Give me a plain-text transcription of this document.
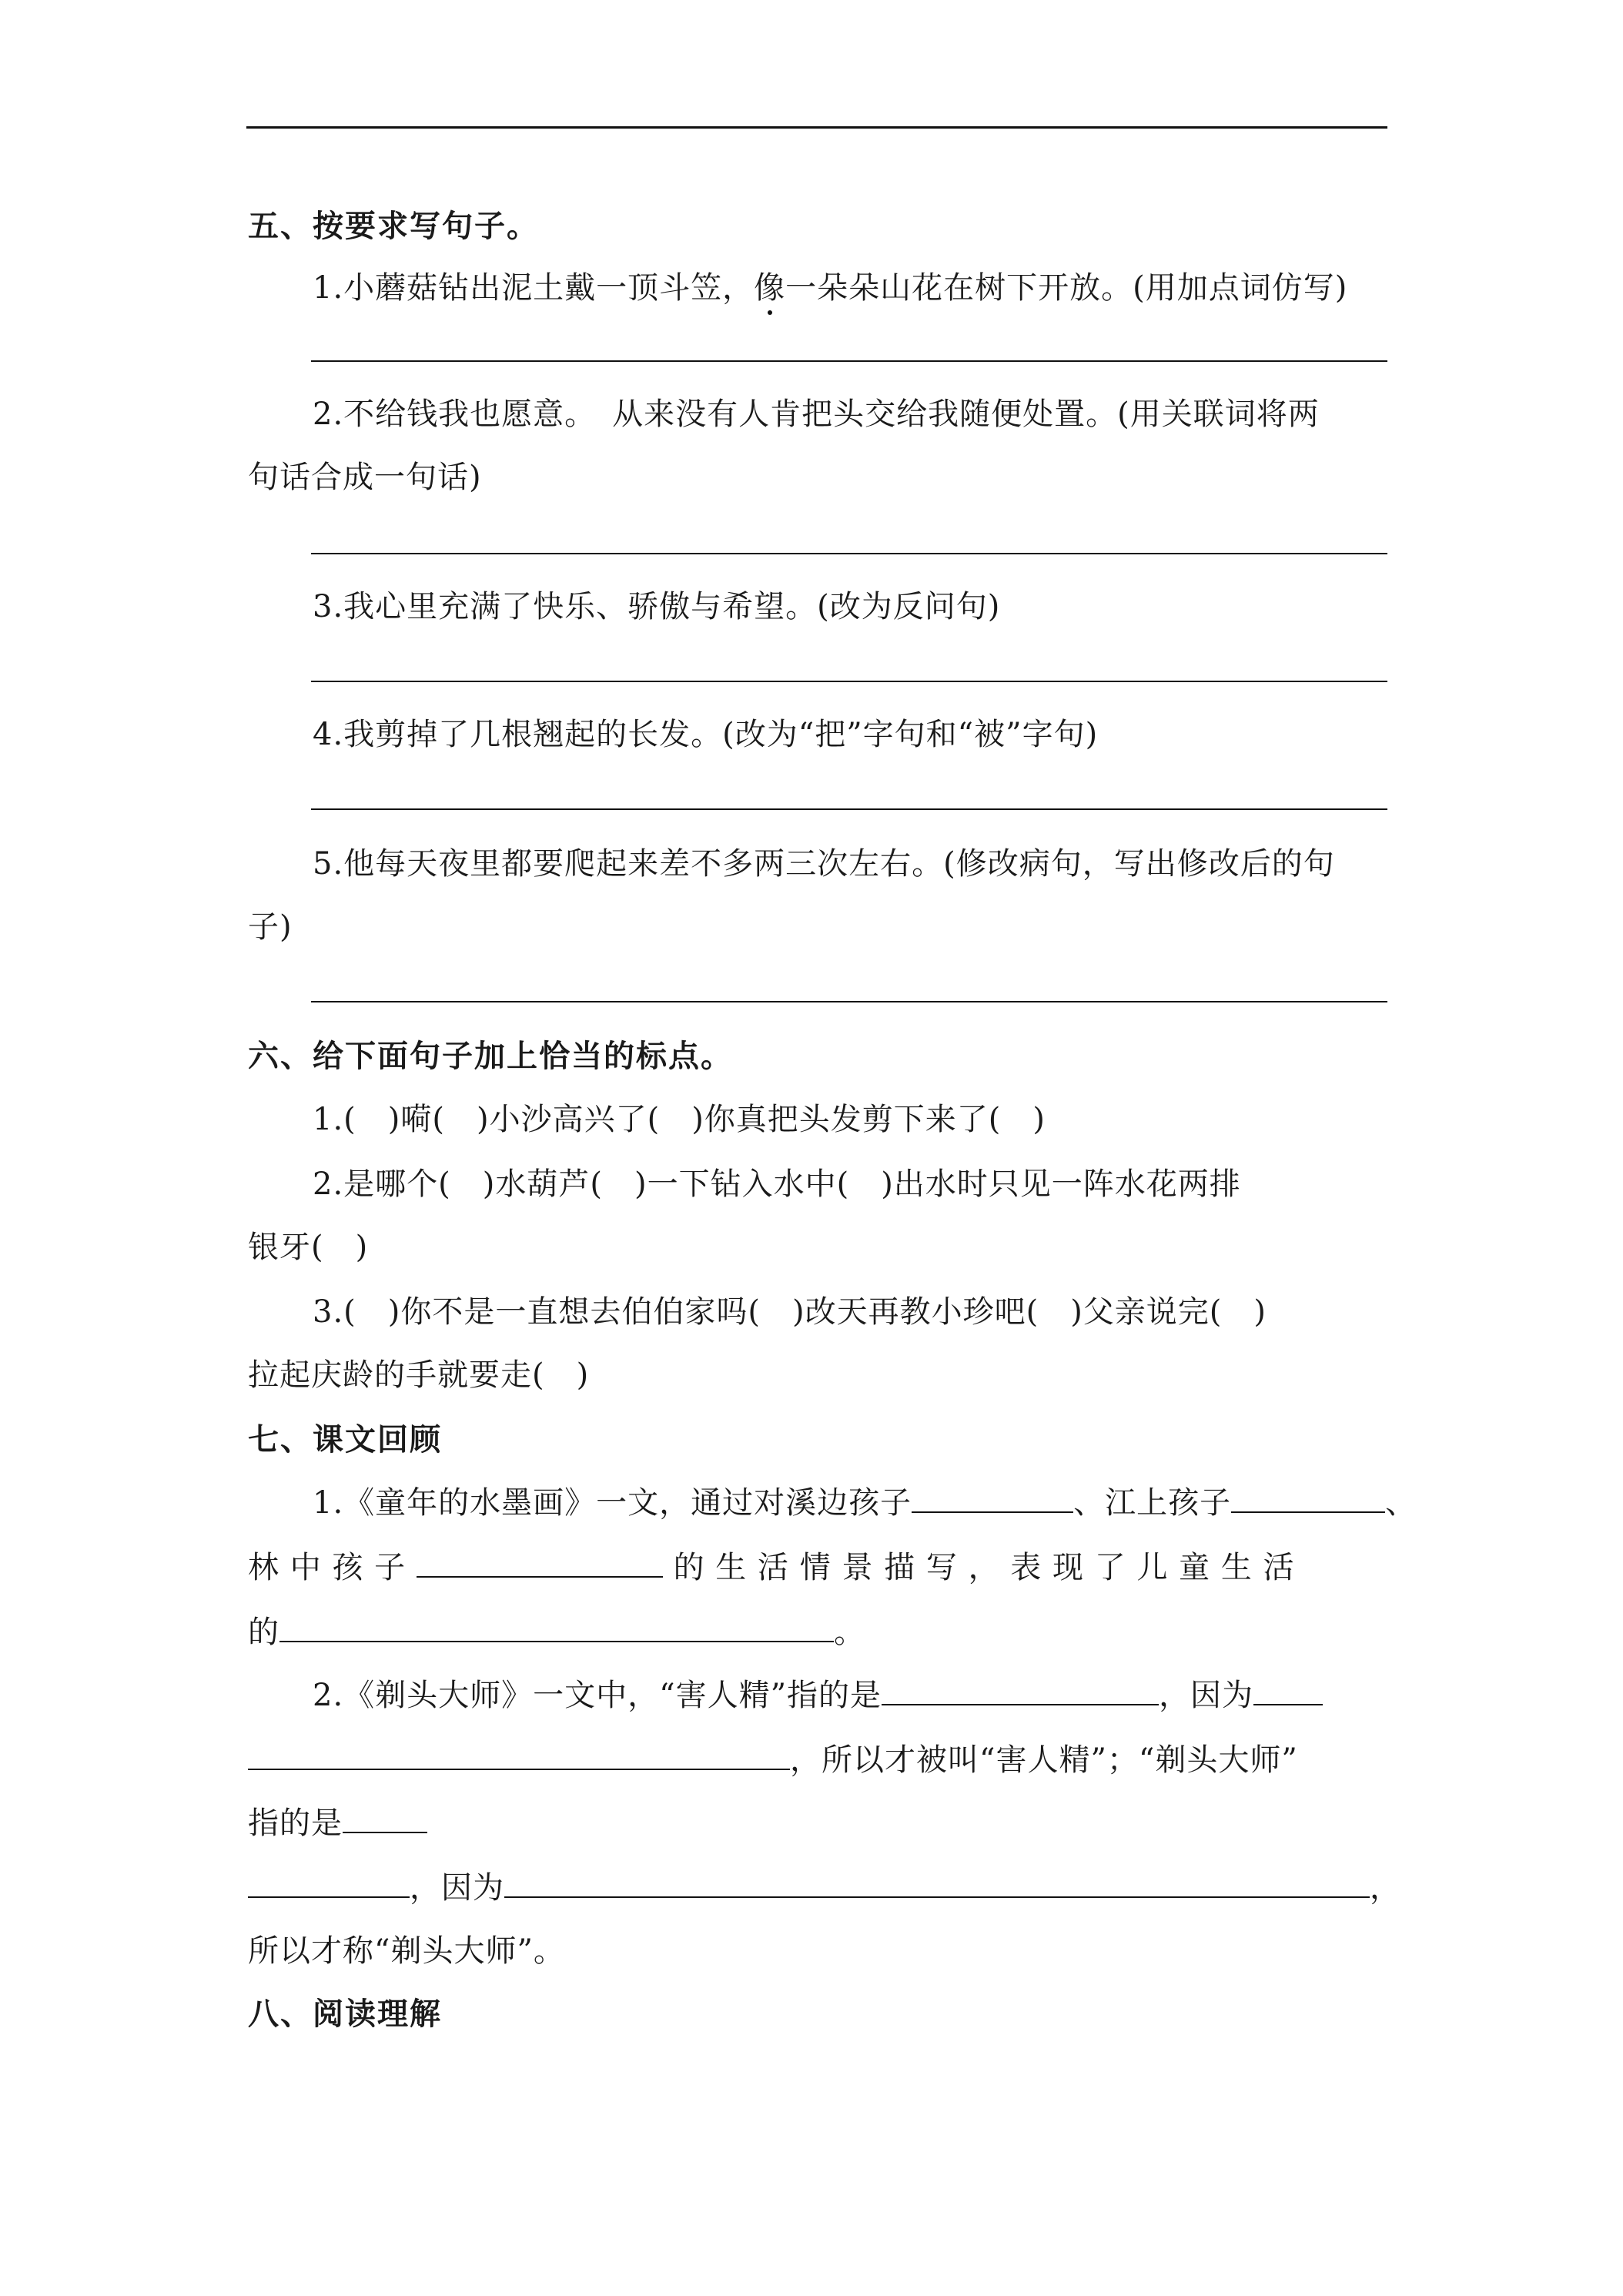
五、按要求写句子。
1.小蘑菇钻出泥土戴一顶斗笠，像一朵朵山花在树下开放。(用加点词仿写)
2.不给钱我也愿意。　从来没有人肯把头交给我随便处置。(用关联词将两
句话合成一句话)
3.我心里充满了快乐、骄傲与希望。(改为反问句)
4.我剪掉了几根翘起的长发。(改为“把”字句和“被”字句)
5.他每天夜里都要爬起来差不多两三次左右。(修改病句，写出修改后的句
子)
六、给下面句子加上恰当的标点。
1.(　)嗬(　)小沙高兴了(　)你真把头发剪下来了(　)
2.是哪个(　)水葫芦(　)一下钻入水中(　)出水时只见一阵水花两排
银牙(　)
3.(　)你不是一直想去伯伯家吗(　)改天再教小珍吧(　)父亲说完(　)
拉起庆龄的手就要走(　)
七、课文回顾
1.《童年的水墨画》一文，通过对溪边孩子	、江上孩子	、
林 中 孩 子	的 生 活 情 景 描 写 ， 表 现 了 儿 童 生 活
的	。
2.《剃头大师》一文中，“害人精”指的是	，因为
，所以才被叫“害人精”；“剃头大师”
指的是
，因为	，
所以才称“剃头大师”。
八、阅读理解
